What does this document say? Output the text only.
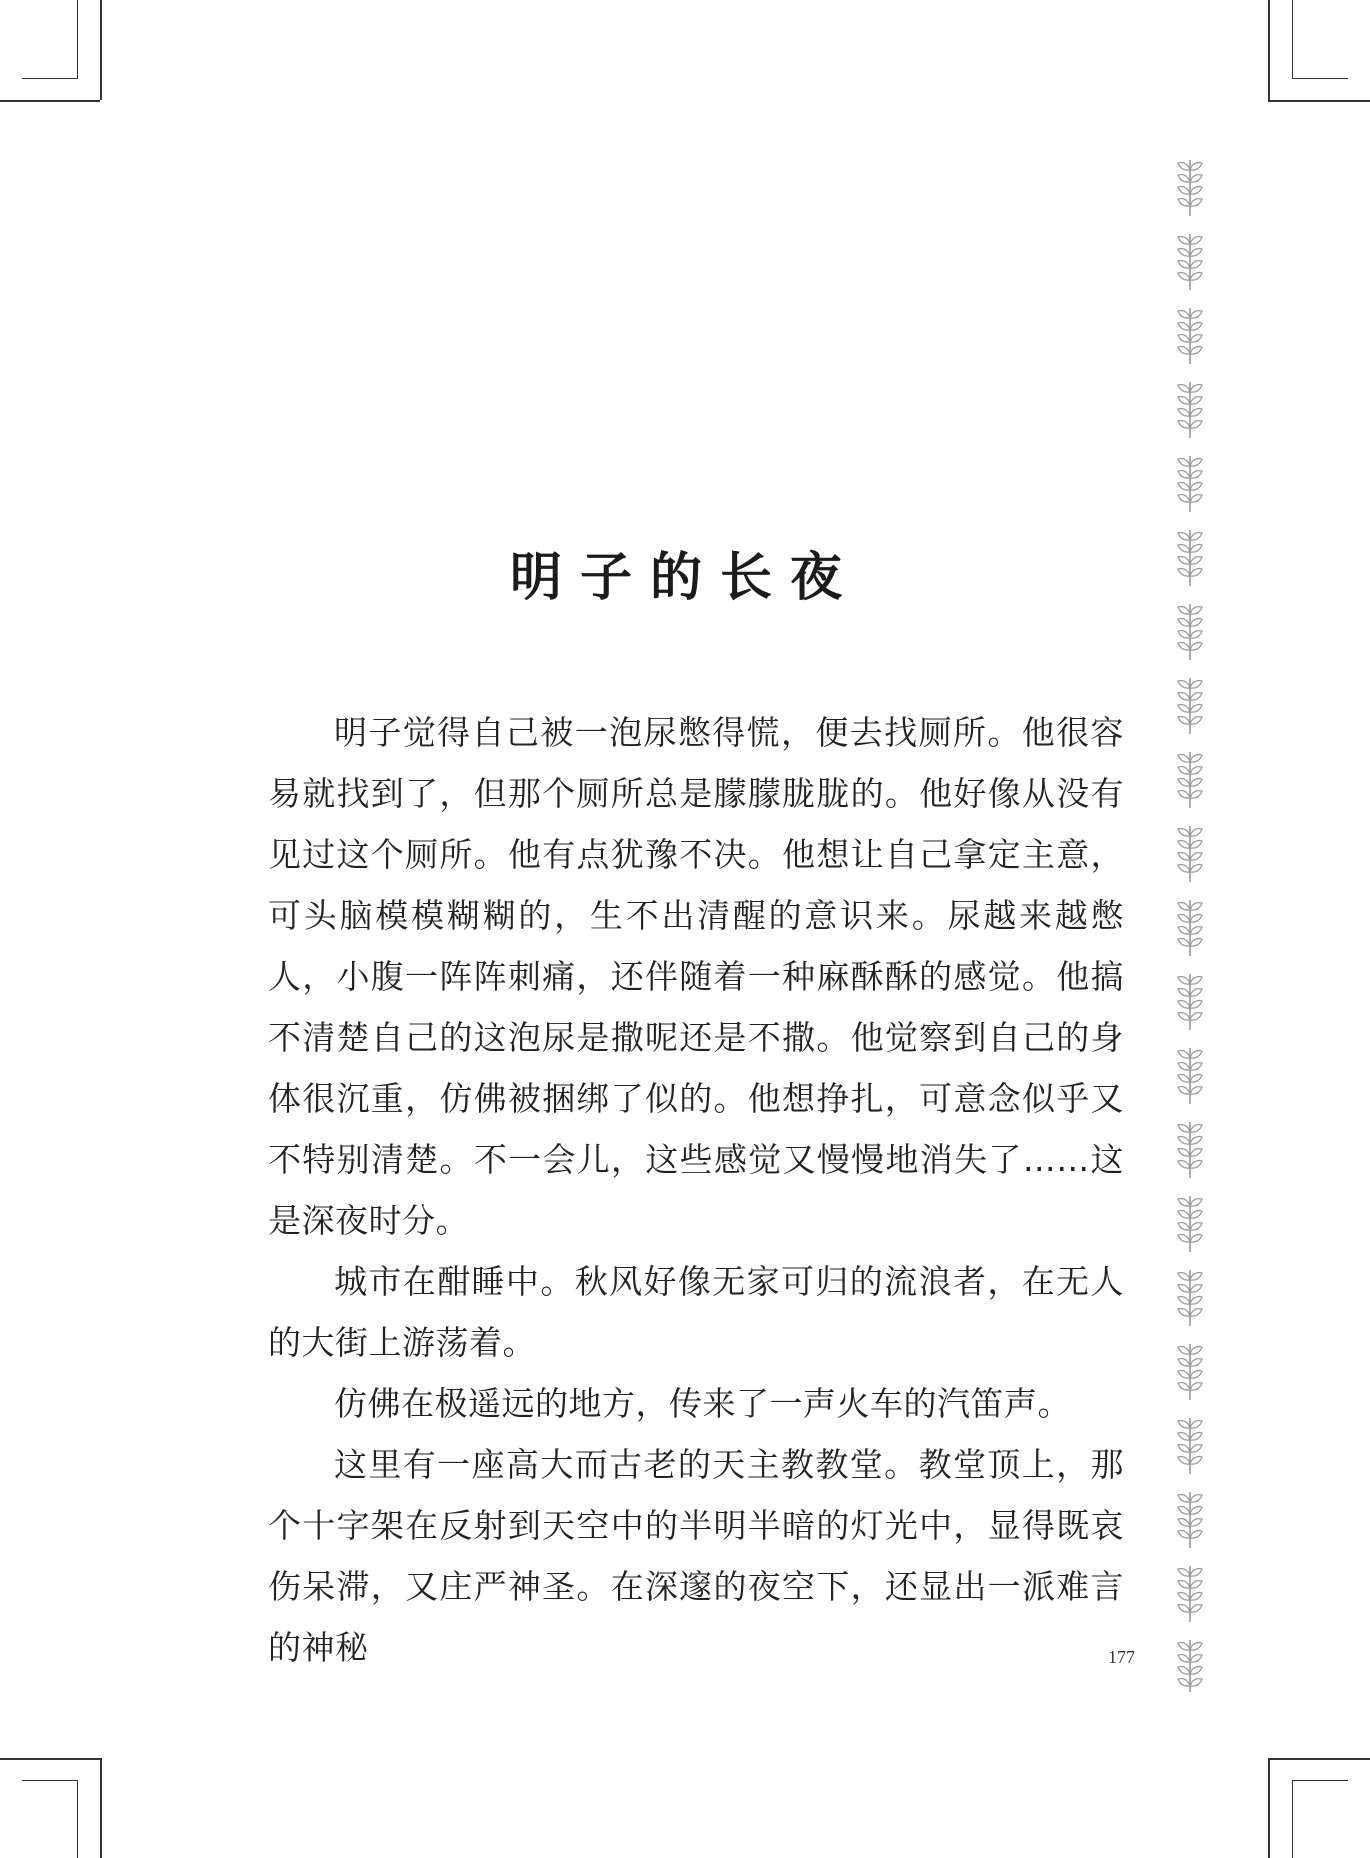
明子的长夜

明子觉得自己被一泡尿憋得慌，便去找厕所。他很容易就找到了，但那个厕所总是朦朦胧胧的。他好像从没有见过这个厕所。他有点犹豫不决。他想让自己拿定主意，可头脑模模糊糊的，生不出清醒的意识来。尿越来越憋人，小腹一阵阵刺痛，还伴随着一种麻酥酥的感觉。他搞不清楚自己的这泡尿是撒呢还是不撒。他觉察到自己的身体很沉重，仿佛被捆绑了似的。他想挣扎，可意念似乎又不特别清楚。不一会儿，这些感觉又慢慢地消失了……这是深夜时分。

城市在酣睡中。秋风好像无家可归的流浪者，在无人的大街上游荡着。

仿佛在极遥远的地方，传来了一声火车的汽笛声。

这里有一座高大而古老的天主教教堂。教堂顶上，那个十字架在反射到天空中的半明半暗的灯光中，显得既哀伤呆滞，又庄严神圣。在深邃的夜空下，还显出一派难言的神秘	177
